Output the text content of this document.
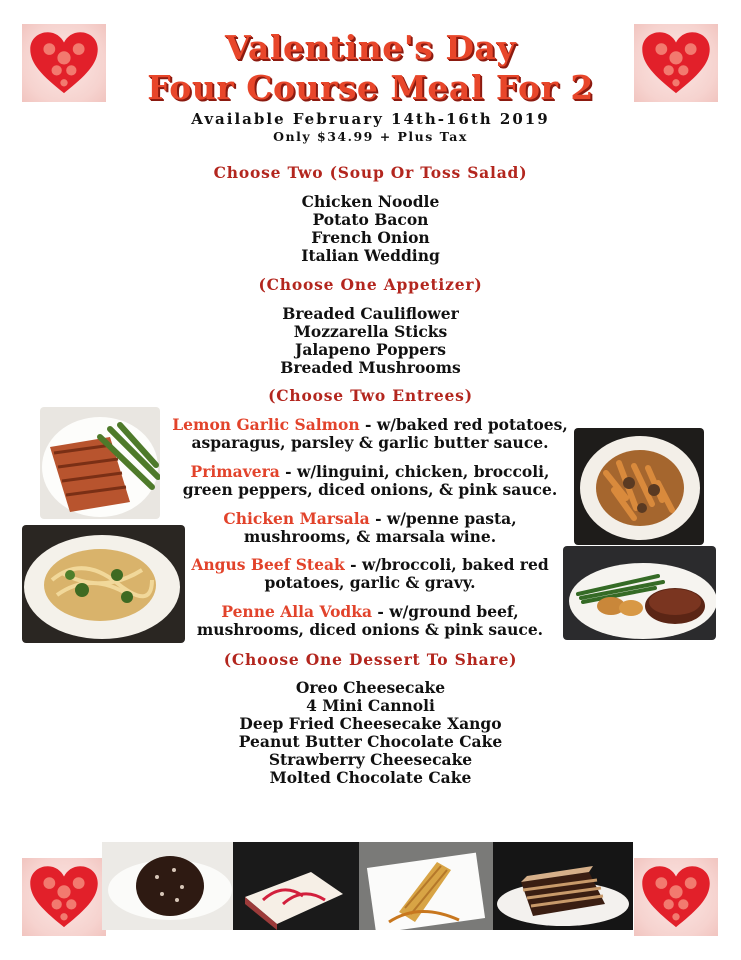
Valentine's Day
Four Course Meal For 2
Available February 14th-16th 2019
Only $34.99 + Plus Tax
Choose Two (Soup Or Toss Salad)
Chicken Noodle
Potato Bacon
French Onion
Italian Wedding
(Choose One Appetizer)
Breaded Cauliflower
Mozzarella Sticks
Jalapeno Poppers
Breaded Mushrooms
(Choose Two Entrees)
Lemon Garlic Salmon - w/baked red potatoes,
asparagus, parsley & garlic butter sauce.
Primavera - w/linguini, chicken, broccoli,
green peppers, diced onions, & pink sauce.
Chicken Marsala - w/penne pasta,
mushrooms, & marsala wine.
Angus Beef Steak - w/broccoli, baked red
potatoes, garlic & gravy.
Penne Alla Vodka - w/ground beef,
mushrooms, diced onions & pink sauce.
(Choose One Dessert To Share)
Oreo Cheesecake
4 Mini Cannoli
Deep Fried Cheesecake Xango
Peanut Butter Chocolate Cake
Strawberry Cheesecake
Molted Chocolate Cake
